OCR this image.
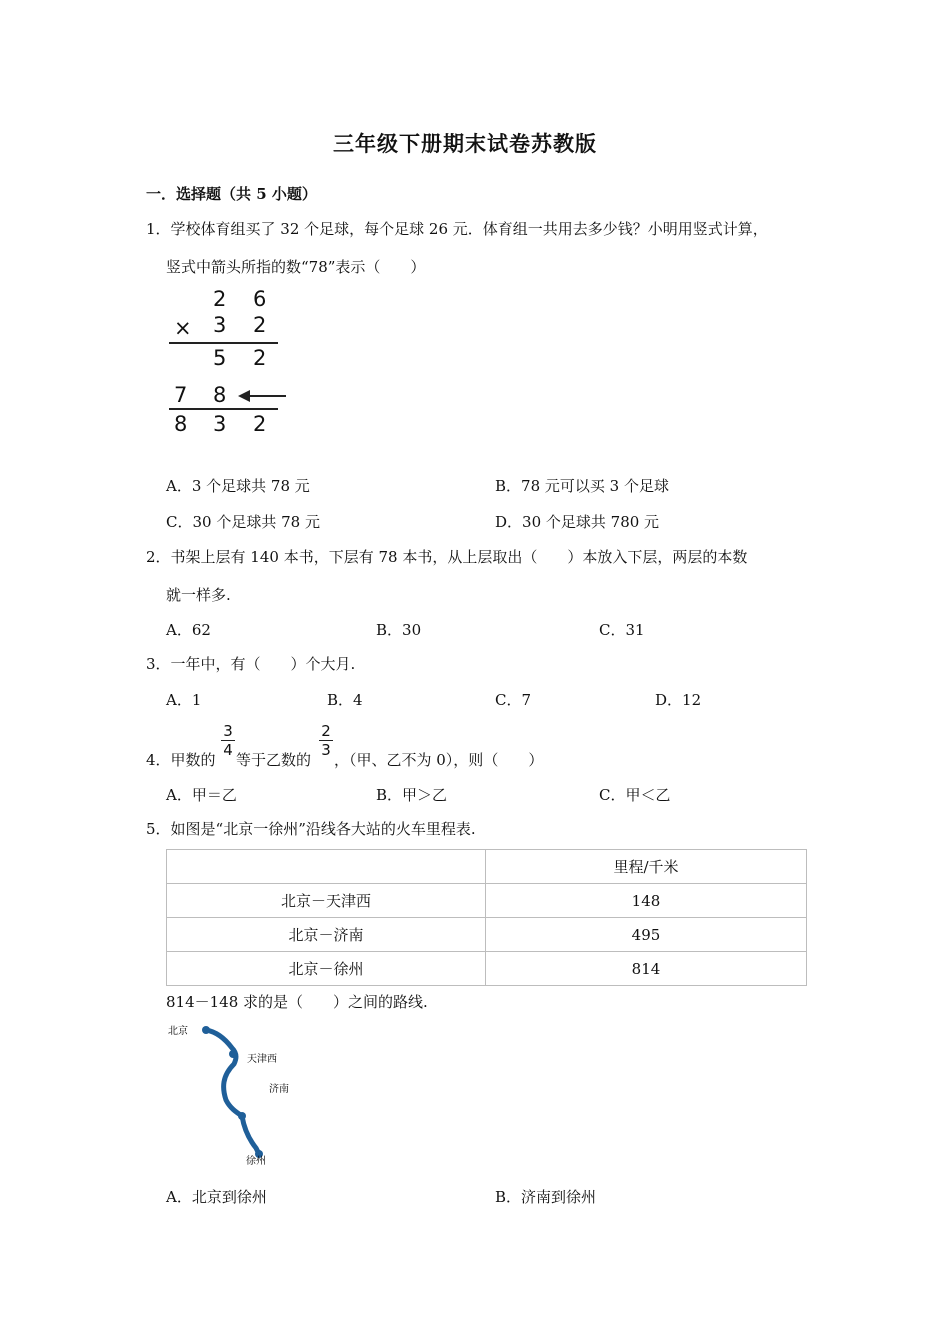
三年级下册期末试卷苏教版
一．选择题（共 5 小题）
1．学校体育组买了 32 个足球，每个足球 26 元．体育组一共用去多少钱？小明用竖式计算，
竖式中箭头所指的数“78”表示（　　）
2 6
× 3 2
5 2
7 8
8 3 2
A．3 个足球共 78 元	B．78 元可以买 3 个足球
C．30 个足球共 78 元	D．30 个足球共 780 元
2．书架上层有 140 本书，下层有 78 本书，从上层取出（　　）本放入下层，两层的本数
就一样多.
A．62	B．30	C．31
3．一年中，有（　　）个大月.
A．1	B．4	C．7	D．12
4．甲数的
3
4
等于乙数的
2
3
，（甲、乙不为 0），则（　　）
A．甲＝乙	B．甲＞乙	C．甲＜乙
5．如图是“北京一徐州”沿线各大站的火车里程表.
	里程/千米
北京－天津西	148
北京－济南	495
北京－徐州	814
814－148 求的是（　　）之间的路线.
北京
天津西
济南
徐州
A．北京到徐州	B．济南到徐州
